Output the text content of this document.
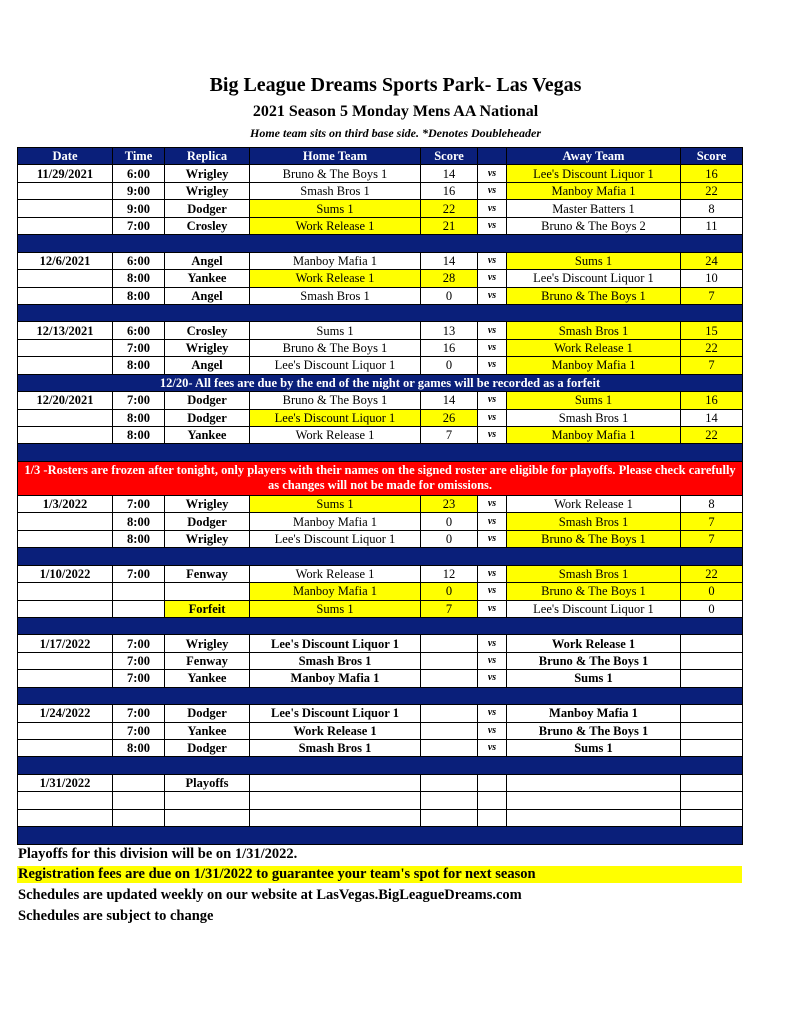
Big League Dreams Sports Park- Las Vegas
2021 Season 5 Monday Mens AA National
Home team sits on third base side. *Denotes Doubleheader
Date	Time	Replica	Home Team	Score		Away Team	Score
11/29/2021	6:00	Wrigley	Bruno & The Boys 1	14	vs	Lee's Discount Liquor 1	16
	9:00	Wrigley	Smash Bros 1	16	vs	Manboy Mafia 1	22
	9:00	Dodger	Sums 1	22	vs	Master Batters 1	8
	7:00	Crosley	Work Release 1	21	vs	Bruno & The Boys 2	11

12/6/2021	6:00	Angel	Manboy Mafia 1	14	vs	Sums 1	24
	8:00	Yankee	Work Release 1	28	vs	Lee's Discount Liquor 1	10
	8:00	Angel	Smash Bros 1	0	vs	Bruno & The Boys 1	7

12/13/2021	6:00	Crosley	Sums 1	13	vs	Smash Bros 1	15
	7:00	Wrigley	Bruno & The Boys 1	16	vs	Work Release 1	22
	8:00	Angel	Lee's Discount Liquor 1	0	vs	Manboy Mafia 1	7
12/20- All fees are due by the end of the night or games will be recorded as a forfeit							
12/20/2021	7:00	Dodger	Bruno & The Boys 1	14	vs	Sums 1	16
	8:00	Dodger	Lee's Discount Liquor 1	26	vs	Smash Bros 1	14
	8:00	Yankee	Work Release 1	7	vs	Manboy Mafia 1	22

1/3 -Rosters are frozen after tonight, only players with their names on the signed roster are eligible for playoffs. Please check carefully as changes will not be made for omissions.							
1/3/2022	7:00	Wrigley	Sums 1	23	vs	Work Release 1	8
	8:00	Dodger	Manboy Mafia 1	0	vs	Smash Bros 1	7
	8:00	Wrigley	Lee's Discount Liquor 1	0	vs	Bruno & The Boys 1	7

1/10/2022	7:00	Fenway	Work Release 1	12	vs	Smash Bros 1	22
			Manboy Mafia 1	0	vs	Bruno & The Boys 1	0
		Forfeit	Sums 1	7	vs	Lee's Discount Liquor 1	0

1/17/2022	7:00	Wrigley	Lee's Discount Liquor 1		vs	Work Release 1	
	7:00	Fenway	Smash Bros 1		vs	Bruno & The Boys 1	
	7:00	Yankee	Manboy Mafia 1		vs	Sums 1	

1/24/2022	7:00	Dodger	Lee's Discount Liquor 1		vs	Manboy Mafia 1	
	7:00	Yankee	Work Release 1		vs	Bruno & The Boys 1	
	8:00	Dodger	Smash Bros 1		vs	Sums 1	

1/31/2022		Playoffs					

Playoffs for this division will be on 1/31/2022.
Registration fees are due on 1/31/2022 to guarantee your team's spot for next season
Schedules are updated weekly on our website at LasVegas.BigLeagueDreams.com
Schedules are subject to change
